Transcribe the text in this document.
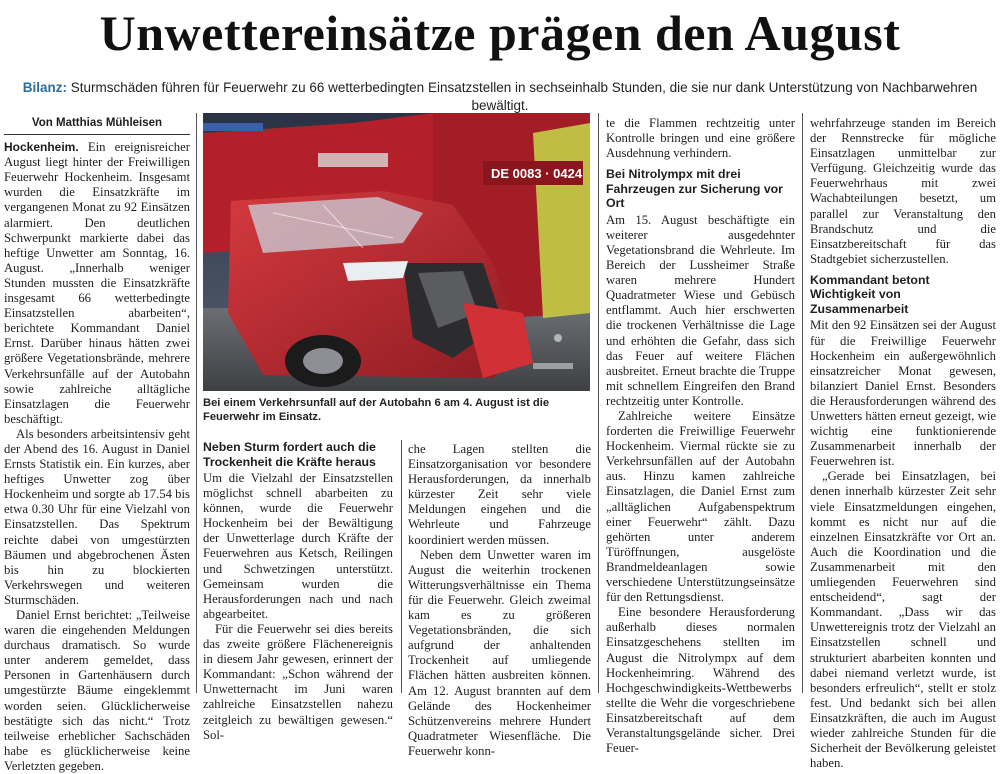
Unwettereinsätze prägen den August
Bilanz: Sturmschäden führen für Feuerwehr zu 66 wetterbedingten Einsatzstellen in sechseinhalb Stunden, die sie nur dank Unterstützung von Nachbarwehren bewältigt.
Von Matthias Mühleisen

Hockenheim. Ein ereignisreicher August liegt hinter der Freiwilligen Feuerwehr Hockenheim. Insgesamt wurden die Einsatzkräfte im vergangenen Monat zu 92 Einsätzen alarmiert. Den deutlichen Schwerpunkt markierte dabei das heftige Unwetter am Sonntag, 16. August. „Innerhalb weniger Stunden mussten die Einsatzkräfte insgesamt 66 wetterbedingte Einsatzstellen abarbeiten“, berichtete Kommandant Daniel Ernst. Darüber hinaus hätten zwei größere Vegetationsbrände, mehrere Verkehrsunfälle auf der Autobahn sowie zahlreiche alltägliche Einsatzlagen die Feuerwehr beschäftigt.

Als besonders arbeitsintensiv geht der Abend des 16. August in Daniel Ernsts Statistik ein. Ein kurzes, aber heftiges Unwetter zog über Hockenheim und sorgte ab 17.54 bis etwa 0.30 Uhr für eine Vielzahl von Einsatzstellen. Das Spektrum reichte dabei von umgestürzten Bäumen und abgebrochenen Ästen bis hin zu blockierten Verkehrswegen und weiteren Sturmschäden.

Daniel Ernst berichtet: „Teilweise waren die eingehenden Meldungen durchaus dramatisch. So wurde unter anderem gemeldet, dass Personen in Gartenhäusern durch umgestürzte Bäume eingeklemmt worden seien. Glücklicherweise bestätigte sich das nicht.“ Trotz teilweise erheblicher Sachschäden habe es glücklicherweise keine Verletzten gegeben.

DE 0083 · 0424
Bei einem Verkehrsunfall auf der Autobahn 6 am 4. August ist die Feuerwehr im Einsatz.
Neben Sturm fordert auch die Trockenheit die Kräfte heraus

Um die Vielzahl der Einsatzstellen möglichst schnell abarbeiten zu können, wurde die Feuerwehr Hockenheim bei der Bewältigung der Unwetterlage durch Kräfte der Feuerwehren aus Ketsch, Reilingen und Schwetzingen unterstützt. Gemeinsam wurden die Herausforderungen nach und nach abgearbeitet.

Für die Feuerwehr sei dies bereits das zweite größere Flächenereignis in diesem Jahr gewesen, erinnert der Kommandant: „Schon während der Unwetternacht im Juni waren zahlreiche Einsatzstellen nahezu zeitgleich zu bewältigen gewesen.“ Sol-

che Lagen stellten die Einsatzorganisation vor besondere Herausforderungen, da innerhalb kürzester Zeit sehr viele Meldungen eingehen und die Wehrleute und Fahrzeuge koordiniert werden müssen.

Neben dem Unwetter waren im August die weiterhin trockenen Witterungsverhältnisse ein Thema für die Feuerwehr. Gleich zweimal kam es zu größeren Vegetationsbränden, die sich aufgrund der anhaltenden Trockenheit auf umliegende Flächen hätten ausbreiten können. Am 12. August brannten auf dem Gelände des Hockenheimer Schützenvereins mehrere Hundert Quadratmeter Wiesenfläche. Die Feuerwehr konn-

te die Flammen rechtzeitig unter Kontrolle bringen und eine größere Ausdehnung verhindern.

Bei Nitrolympx mit drei Fahrzeugen zur Sicherung vor Ort

Am 15. August beschäftigte ein weiterer ausgedehnter Vegetationsbrand die Wehrleute. Im Bereich der Lussheimer Straße waren mehrere Hundert Quadratmeter Wiese und Gebüsch entflammt. Auch hier erschwerten die trockenen Verhältnisse die Lage und erhöhten die Gefahr, dass sich das Feuer auf weitere Flächen ausbreitet. Erneut brachte die Truppe mit schnellem Eingreifen den Brand rechtzeitig unter Kontrolle.

Zahlreiche weitere Einsätze forderten die Freiwillige Feuerwehr Hockenheim. Viermal rückte sie zu Verkehrsunfällen auf der Autobahn aus. Hinzu kamen zahlreiche Einsatzlagen, die Daniel Ernst zum „alltäglichen Aufgabenspektrum einer Feuerwehr“ zählt. Dazu gehörten unter anderem Türöffnungen, ausgelöste Brandmeldeanlagen sowie verschiedene Unterstützungseinsätze für den Rettungsdienst.

Eine besondere Herausforderung außerhalb dieses normalen Einsatzgeschehens stellten im August die Nitrolympx auf dem Hockenheimring. Während des Hochgeschwindigkeits-Wettbewerbs stellte die Wehr die vorgeschriebene Einsatzbereitschaft auf dem Veranstaltungsgelände sicher. Drei Feuer-

wehrfahrzeuge standen im Bereich der Rennstrecke für mögliche Einsatzlagen unmittelbar zur Verfügung. Gleichzeitig wurde das Feuerwehrhaus mit zwei Wachabteilungen besetzt, um parallel zur Veranstaltung den Brandschutz und die Einsatzbereitschaft für das Stadtgebiet sicherzustellen.

Kommandant betont Wichtigkeit von Zusammenarbeit

Mit den 92 Einsätzen sei der August für die Freiwillige Feuerwehr Hockenheim ein außergewöhnlich einsatzreicher Monat gewesen, bilanziert Daniel Ernst. Besonders die Herausforderungen während des Unwetters hätten erneut gezeigt, wie wichtig eine funktionierende Zusammenarbeit innerhalb der Feuerwehren ist.

„Gerade bei Einsatzlagen, bei denen innerhalb kürzester Zeit sehr viele Einsatzmeldungen eingehen, kommt es nicht nur auf die einzelnen Einsatzkräfte vor Ort an. Auch die Koordination und die Zusammenarbeit mit den umliegenden Feuerwehren sind entscheidend“, sagt der Kommandant. „Dass wir das Unwettereignis trotz der Vielzahl an Einsatzstellen schnell und strukturiert abarbeiten konnten und dabei niemand verletzt wurde, ist besonders erfreulich“, stellt er stolz fest. Und bedankt sich bei allen Einsatzkräften, die auch im August wieder zahlreiche Stunden für die Sicherheit der Bevölkerung geleistet haben.
